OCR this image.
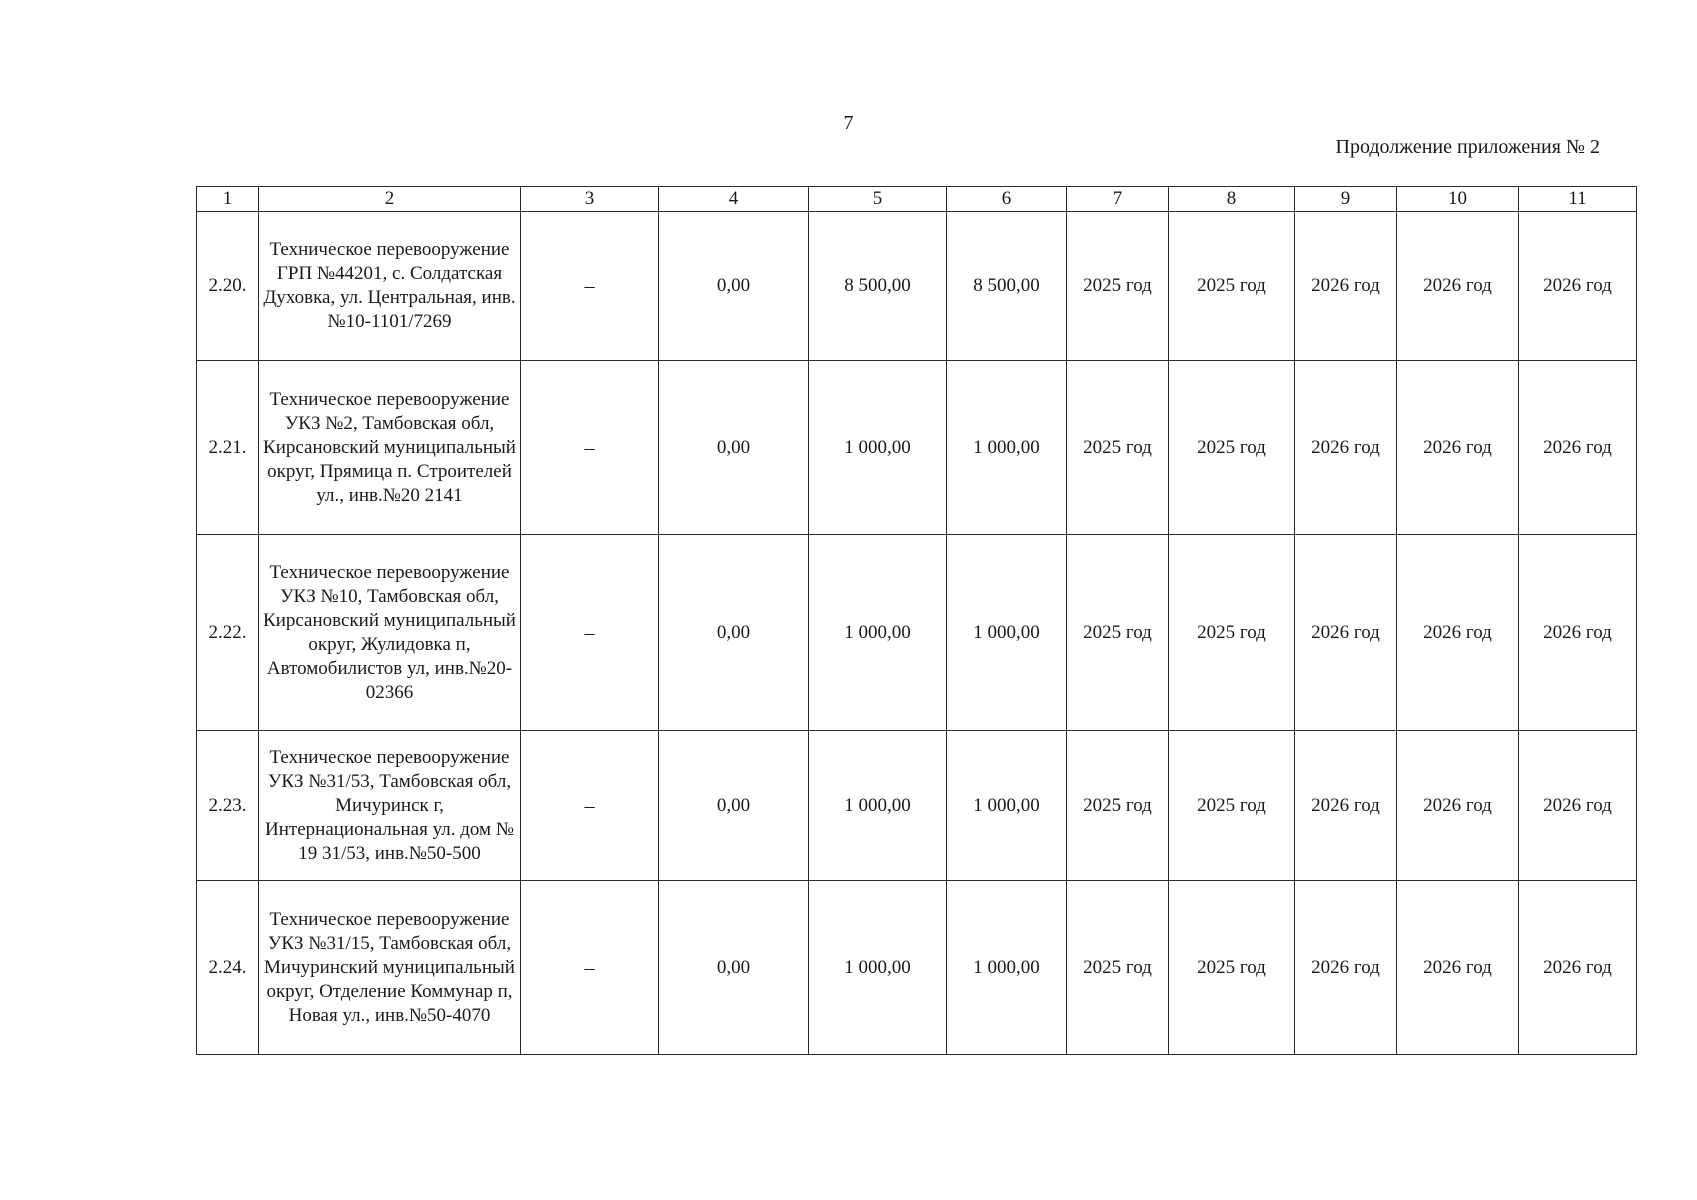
7
Продолжение приложения № 2
1	2	3	4	5	6	7	8	9	10	11
2.20.	Техническое перевооружение ГРП №44201, с. Солдатская Духовка, ул. Центральная, инв. №10-1101/7269	–	0,00	8 500,00	8 500,00	2025 год	2025 год	2026 год	2026 год	2026 год
2.21.	Техническое перевооружение УКЗ №2, Тамбовская обл, Кирсановский муниципальный округ, Прямица п. Строителей ул., инв.№20 2141	–	0,00	1 000,00	1 000,00	2025 год	2025 год	2026 год	2026 год	2026 год
2.22.	Техническое перевооружение УКЗ №10, Тамбовская обл, Кирсановский муниципальный округ, Жулидовка п, Автомобилистов ул, инв.№20-02366	–	0,00	1 000,00	1 000,00	2025 год	2025 год	2026 год	2026 год	2026 год
2.23.	Техническое перевооружение УКЗ №31/53, Тамбовская обл, Мичуринск г, Интернациональная ул. дом № 19 31/53, инв.№50-500	–	0,00	1 000,00	1 000,00	2025 год	2025 год	2026 год	2026 год	2026 год
2.24.	Техническое перевооружение УКЗ №31/15, Тамбовская обл, Мичуринский муниципальный округ, Отделение Коммунар п, Новая ул., инв.№50-4070	–	0,00	1 000,00	1 000,00	2025 год	2025 год	2026 год	2026 год	2026 год
